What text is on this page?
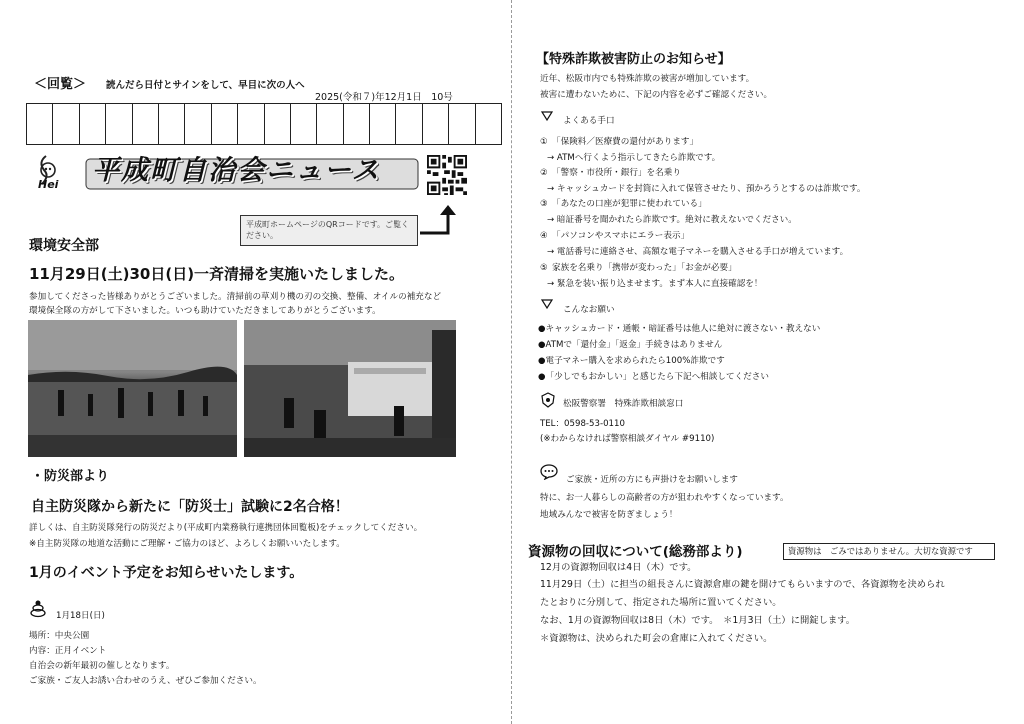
＜回覧＞ 読んだら日付とサインをして、早目に次の人へ
2025(令和７)年12月1日　10号
Hei 平成町自治会ニュース
平成町ホームページのQRコードです。ご覧ください。
環境安全部
11月29日(土)30日(日)一斉清掃を実施いたしました。
参加してくださった皆様ありがとうございました。清掃前の草刈り機の刃の交換、整備、オイルの補充など
環境保全隊の方がして下さいました。いつも助けていただきましてありがとうございます。
・防災部より
自主防災隊から新たに「防災士」試験に2名合格！
詳しくは、自主防災隊発行の防災だより(平成町内業務執行連携団体回覧板)をチェックしてください。
※自主防災隊の地道な活動にご理解・ご協力のほど、よろしくお願いいたします。
1月のイベント予定をお知らせいたします。
1月18日(日)
場所：中央公園
内容：正月イベント
自治会の新年最初の催しとなります。
ご家族・ご友人お誘い合わせのうえ、ぜひご参加ください。
【特殊詐欺被害防止のお知らせ】
近年、松阪市内でも特殊詐欺の被害が増加しています。
被害に遭わないために、下記の内容を必ずご確認ください。
よくある手口
① 「保険料／医療費の還付があります」
→ ATMへ行くよう指示してきたら詐欺です。
② 「警察・市役所・銀行」を名乗り
→ キャッシュカードを封筒に入れて保管させたり、預かろうとするのは詐欺です。
③ 「あなたの口座が犯罪に使われている」
→ 暗証番号を聞かれたら詐欺です。絶対に教えないでください。
④ 「パソコンやスマホにエラー表示」
→ 電話番号に連絡させ、高額な電子マネーを購入させる手口が増えています。
⑤ 家族を名乗り「携帯が変わった」「お金が必要」
→ 緊急を装い振り込ませます。まず本人に直接確認を！
こんなお願い
●キャッシュカード・通帳・暗証番号は他人に絶対に渡さない・教えない
●ATMで「還付金」「返金」手続きはありません
●電子マネー購入を求められたら100%詐欺です
●「少しでもおかしい」と感じたら下記へ相談してください
松阪警察署　特殊詐欺相談窓口
TEL：0598-53-0110
(※わからなければ警察相談ダイヤル #9110)
ご家族・近所の方にも声掛けをお願いします
特に、お一人暮らしの高齢者の方が狙われやすくなっています。
地域みんなで被害を防ぎましょう！
資源物の回収について(総務部より)	資源物は　ごみではありません。大切な資源です
12月の資源物回収は4日（木）です。
11月29日（土）に担当の組長さんに資源倉庫の鍵を開けてもらいますので、各資源物を決められ
たとおりに分別して、指定された場所に置いてください。
なお、1月の資源物回収は8日（木）です。　＊1月3日（土）に開錠します。
＊資源物は、決められた町会の倉庫に入れてください。
